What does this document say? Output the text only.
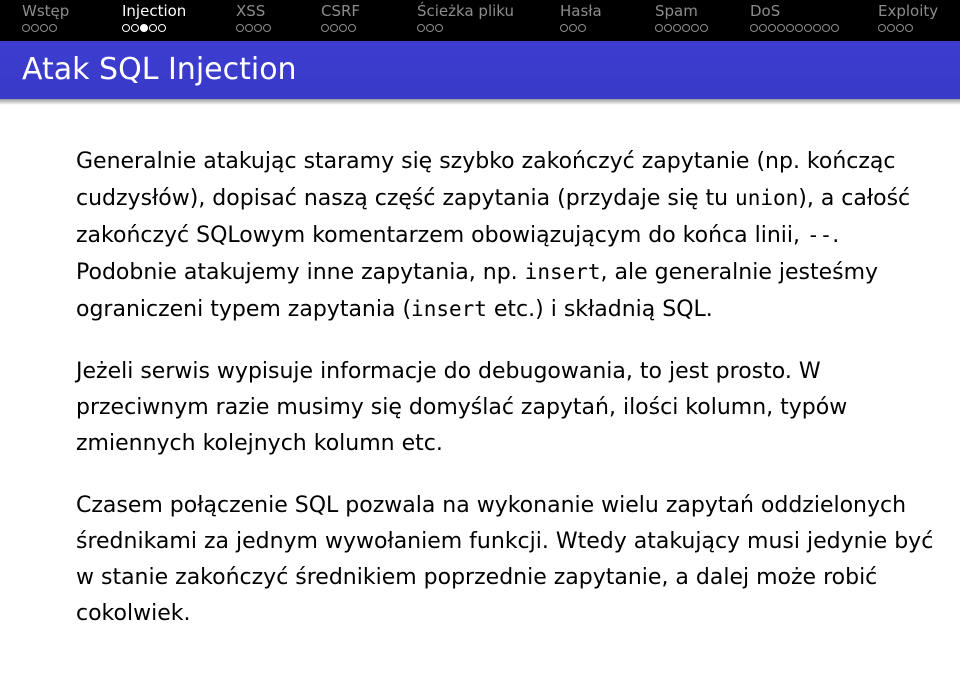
Wstęp	Injection	XSS	CSRF	Ścieżka pliku	Hasła	Spam	DoS	Exploity
Atak SQL Injection

Generalnie atakując staramy się szybko zakończyć zapytanie (np. kończąc cudzysłów), dopisać naszą część zapytania (przydaje się tu union), a całość zakończyć SQLowym komentarzem obowiązującym do końca linii, --. Podobnie atakujemy inne zapytania, np. insert, ale generalnie jesteśmy ograniczeni typem zapytania (insert etc.) i składnią SQL.

Jeżeli serwis wypisuje informacje do debugowania, to jest prosto. W przeciwnym razie musimy się domyślać zapytań, ilości kolumn, typów zmiennych kolejnych kolumn etc.

Czasem połączenie SQL pozwala na wykonanie wielu zapytań oddzielonych średnikami za jednym wywołaniem funkcji. Wtedy atakujący musi jedynie być w stanie zakończyć średnikiem poprzednie zapytanie, a dalej może robić cokolwiek.
